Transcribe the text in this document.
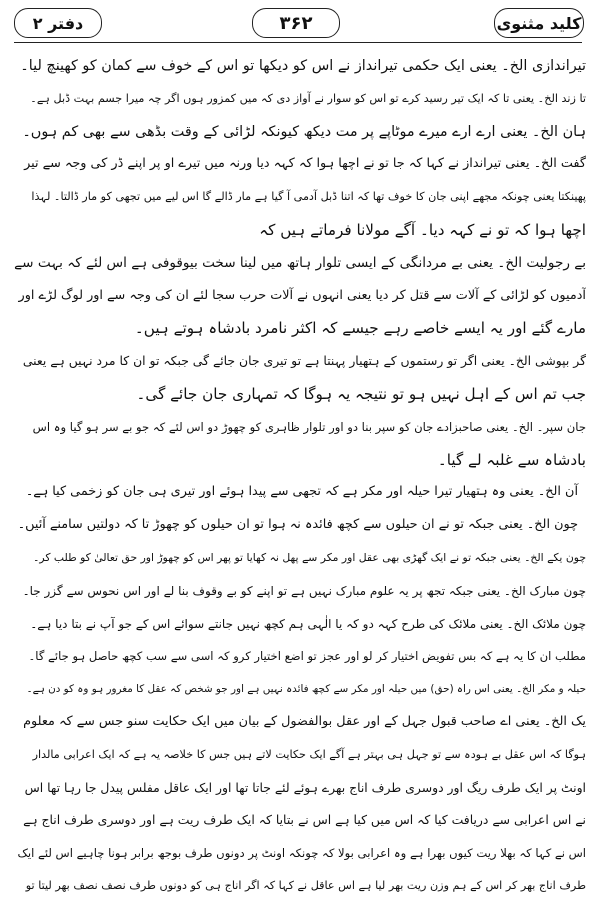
کلید مثنوی
۳۶۲
دفتر ۲
تیراندازی الخ۔ یعنی ایک حکمی تیرانداز نے اس کو دیکھا تو اس کے خوف سے کمان کو کھینچ لیا۔
تا زند الخ۔ یعنی تا کہ ایک تیر رسید کرے تو اس کو سوار نے آواز دی کہ میں کمزور ہوں اگر چہ میرا جسم بہت ڈبل ہے۔
ہان الخ۔ یعنی ارے ارے میرے موٹاپے پر مت دیکھ کیونکہ لڑائی کے وقت بڈھی سے بھی کم ہوں۔
گفت الخ۔ یعنی تیرانداز نے کہا کہ جا تو نے اچھا ہوا کہ کہہ دیا ورنہ میں تیرے او پر اپنے ڈر کی وجہ سے تیر
پھینکتا یعنی چونکہ مجھے اپنی جان کا خوف تھا کہ اتنا ڈبل آدمی آ گیا ہے مار ڈالے گا اس لیے میں تجھی کو مار ڈالتا۔ لہذا
اچھا ہوا کہ تو نے کہہ دیا۔ آگے مولانا فرماتے ہیں کہ
بے رجولیت الخ۔ یعنی بے مردانگی کے ایسی تلوار ہاتھ میں لینا سخت بیوقوفی ہے اس لئے کہ بہت سے
آدمیوں کو لڑائی کے آلات سے قتل کر دیا یعنی انہوں نے آلات حرب سجا لئے ان کی وجہ سے اور لوگ لڑے اور
مارے گئے اور یہ ایسے خاصے رہے جیسے کہ اکثر نامرد بادشاہ ہوتے ہیں۔
گر بپوشی الخ۔ یعنی اگر تو رستموں کے ہتھیار پہنتا ہے تو تیری جان جائے گی جبکہ تو ان کا مرد نہیں ہے یعنی
جب تم اس کے اہل نہیں ہو تو نتیجہ یہ ہوگا کہ تمہاری جان جائے گی۔
جان سپر۔ الخ۔ یعنی صاحبزادے جان کو سپر بنا دو اور تلوار ظاہری کو چھوڑ دو اس لئے کہ جو بے سر ہو گیا وہ اس
بادشاہ سے غلبہ لے گیا۔
آن الخ۔ یعنی وہ ہتھیار تیرا حیلہ اور مکر ہے کہ تجھی سے پیدا ہوئے اور تیری ہی جان کو زخمی کیا ہے۔
چون الخ۔ یعنی جبکہ تو نے ان حیلوں سے کچھ فائدہ نہ ہوا تو ان حیلوں کو چھوڑ تا کہ دولتیں سامنے آئیں۔
چون یکے الخ۔ یعنی جبکہ تو نے ایک گھڑی بھی عقل اور مکر سے پھل نہ کھایا تو پھر اس کو چھوڑ اور حق تعالیٰ کو طلب کر۔
چون مبارک الخ۔ یعنی جبکہ تجھ پر یہ علوم مبارک نہیں ہے تو اپنے کو بے وقوف بنا لے اور اس نحوس سے گزر جا۔
چون ملائک الخ۔ یعنی ملائک کی طرح کہہ دو کہ یا الٰہی ہم کچھ نہیں جانتے سوائے اس کے جو آپ نے بتا دیا ہے۔
مطلب ان کا یہ ہے کہ بس تفویض اختیار کر لو اور عجز تو اضع اختیار کرو کہ اسی سے سب کچھ حاصل ہو جائے گا۔
حیلہ و مکر الخ۔ یعنی اس راہ (حق) میں حیلہ اور مکر سے کچھ فائدہ نہیں ہے اور جو شخص کہ عقل کا مغرور ہو وہ کو دن ہے۔
یک الخ۔ یعنی اے صاحب قبول جہل کے اور عقل بوالفضول کے بیان میں ایک حکایت سنو جس سے کہ معلوم
ہوگا کہ اس عقل بے ہودہ سے تو جہل ہی بہتر ہے آگے ایک حکایت لاتے ہیں جس کا خلاصہ یہ ہے کہ ایک اعرابی مالدار
اونٹ پر ایک طرف ریگ اور دوسری طرف اناج بھرے ہوئے لئے جاتا تھا اور ایک عاقل مفلس پیدل جا رہا تھا اس
نے اس اعرابی سے دریافت کیا کہ اس میں کیا ہے اس نے بتایا کہ ایک طرف ریت ہے اور دوسری طرف اناج ہے
اس نے کہا کہ بھلا ریت کیوں بھرا ہے وہ اعرابی بولا کہ چونکہ اونٹ پر دونوں طرف بوجھ برابر ہونا چاہیے اس لئے ایک
طرف اناج بھر کر اس کے ہم وزن ریت بھر لیا ہے اس عاقل نے کہا کہ اگر اناج ہی کو دونوں طرف نصف نصف بھر لیتا تو
